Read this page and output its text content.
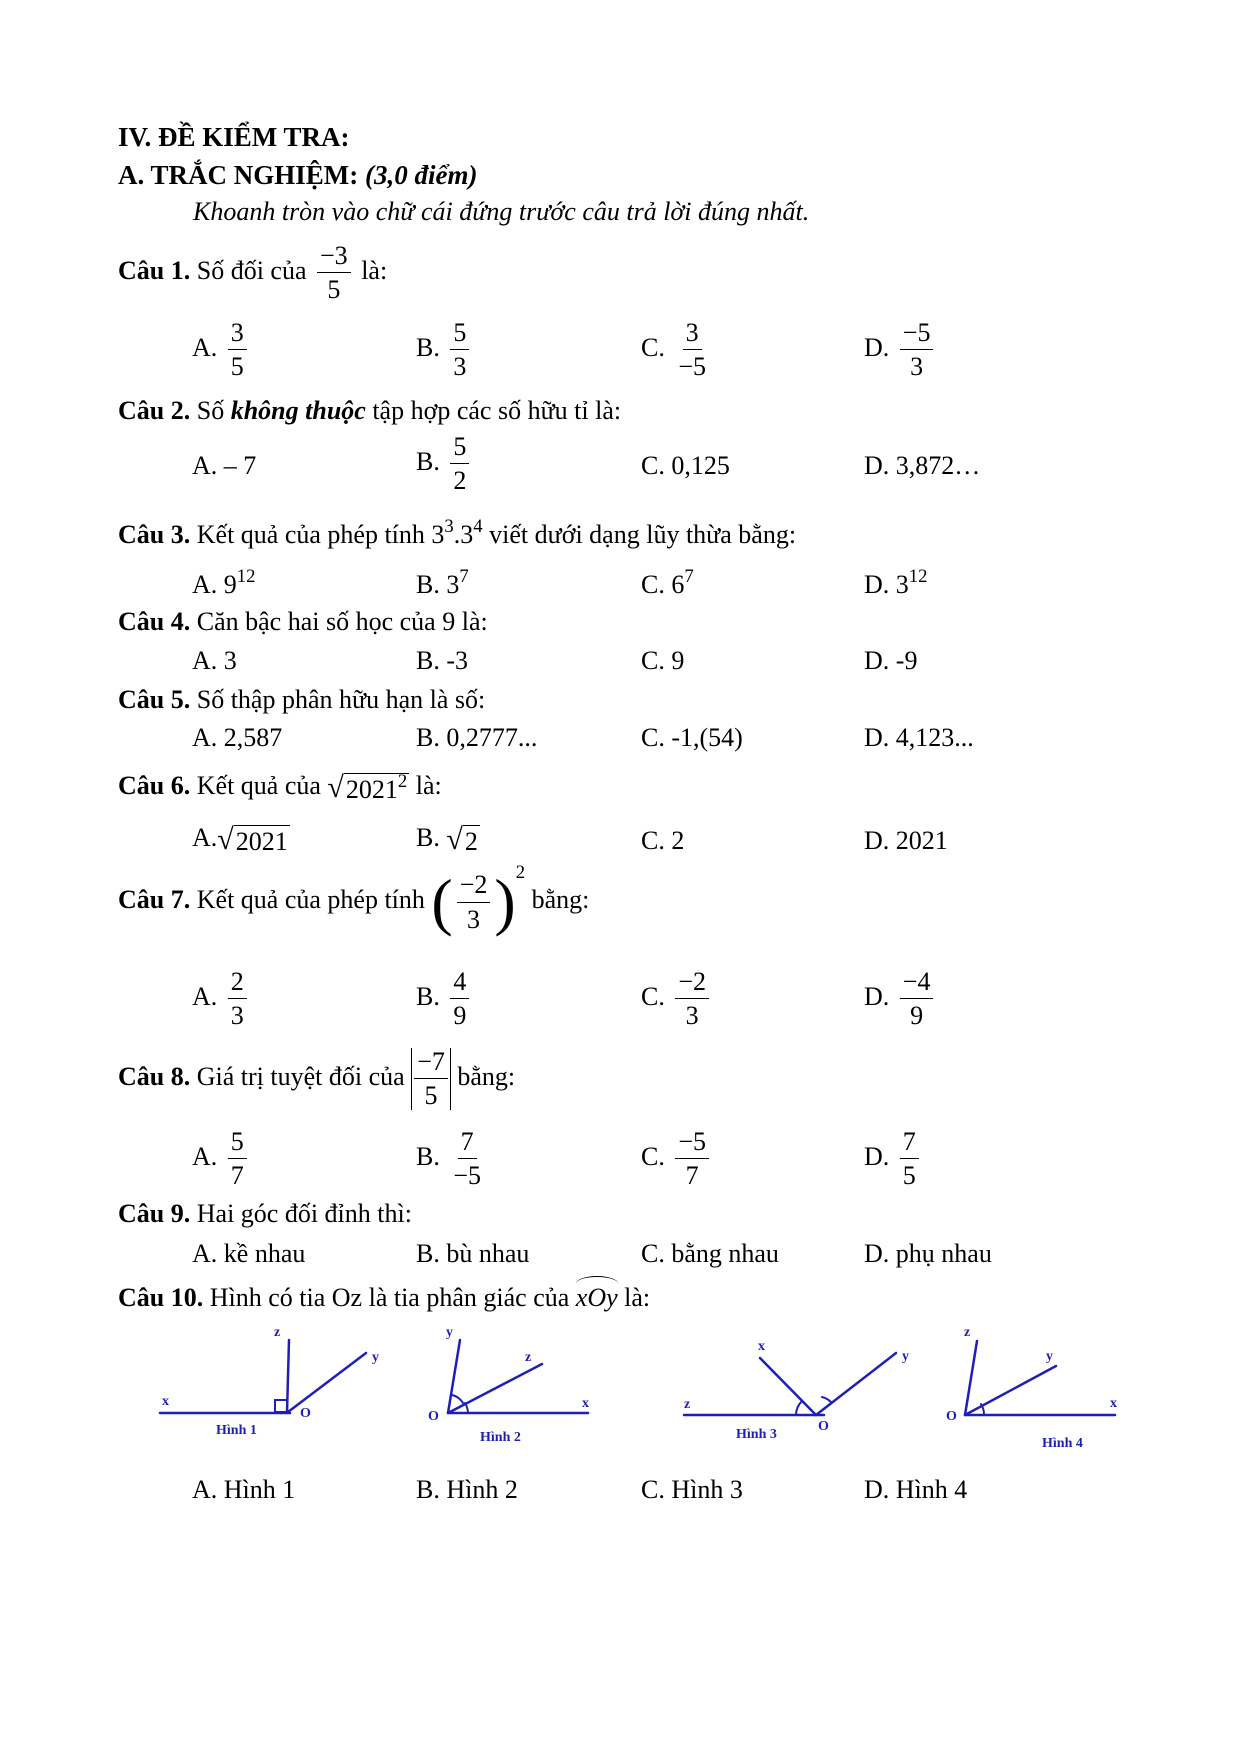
IV. ĐỀ KIỂM TRA:
A. TRẮC NGHIỆM: (3,0 điểm)
Khoanh tròn vào chữ cái đứng trước câu trả lời đúng nhất.
Câu 1. Số đối của $\frac{-3}{5}$ là:
A. $\frac{3}{5}$	B. $\frac{5}{3}$	C. $\frac{3}{-5}$	D. $\frac{-5}{3}$
Câu 2. Số không thuộc tập hợp các số hữu tỉ là:
A. – 7	B. $\frac{5}{2}$	C. 0,125	D. 3,872…
Câu 3. Kết quả của phép tính $3^3.3^4$ viết dưới dạng lũy thừa bằng:
A. $9^{12}$	B. $3^7$	C. $6^7$	D. $3^{12}$
Câu 4. Căn bậc hai số học của 9 là:
A. 3	B. -3	C. 9	D. -9
Câu 5. Số thập phân hữu hạn là số:
A. 2,587	B. 0,2777...	C. -1,(54)	D. 4,123...
Câu 6. Kết quả của √ 2021$^2$ là:
A. √ 2021	B. √ 2	C. 2	D. 2021
Câu 7. Kết quả của phép tính ( $\frac{-2}{3} )^2$ bằng:
A. $\frac{2}{3}$	B. $\frac{4}{9}$	C. $\frac{-2}{3}$	D. $\frac{-4}{9}$
Câu 8. Giá trị tuyệt đối của $\frac{-7}{5}$ bằng:
A. $\frac{5}{7}$	B. $\frac{7}{-5}$	C. $\frac{-5}{7}$	D. $\frac{7}{5}$
Câu 9. Hai góc đối đỉnh thì:
A. kề nhau	B. bù nhau	C. bằng nhau	D. phụ nhau
Câu 10. Hình có tia Oz là tia phân giác của xOy là:
x
z
y
O
Hình 1
y
z
x
O
Hình 2
x
y
z
O
Hình 3
z
y
x
O
Hình 4
A. Hình 1	B. Hình 2	C. Hình 3	D. Hình 4
